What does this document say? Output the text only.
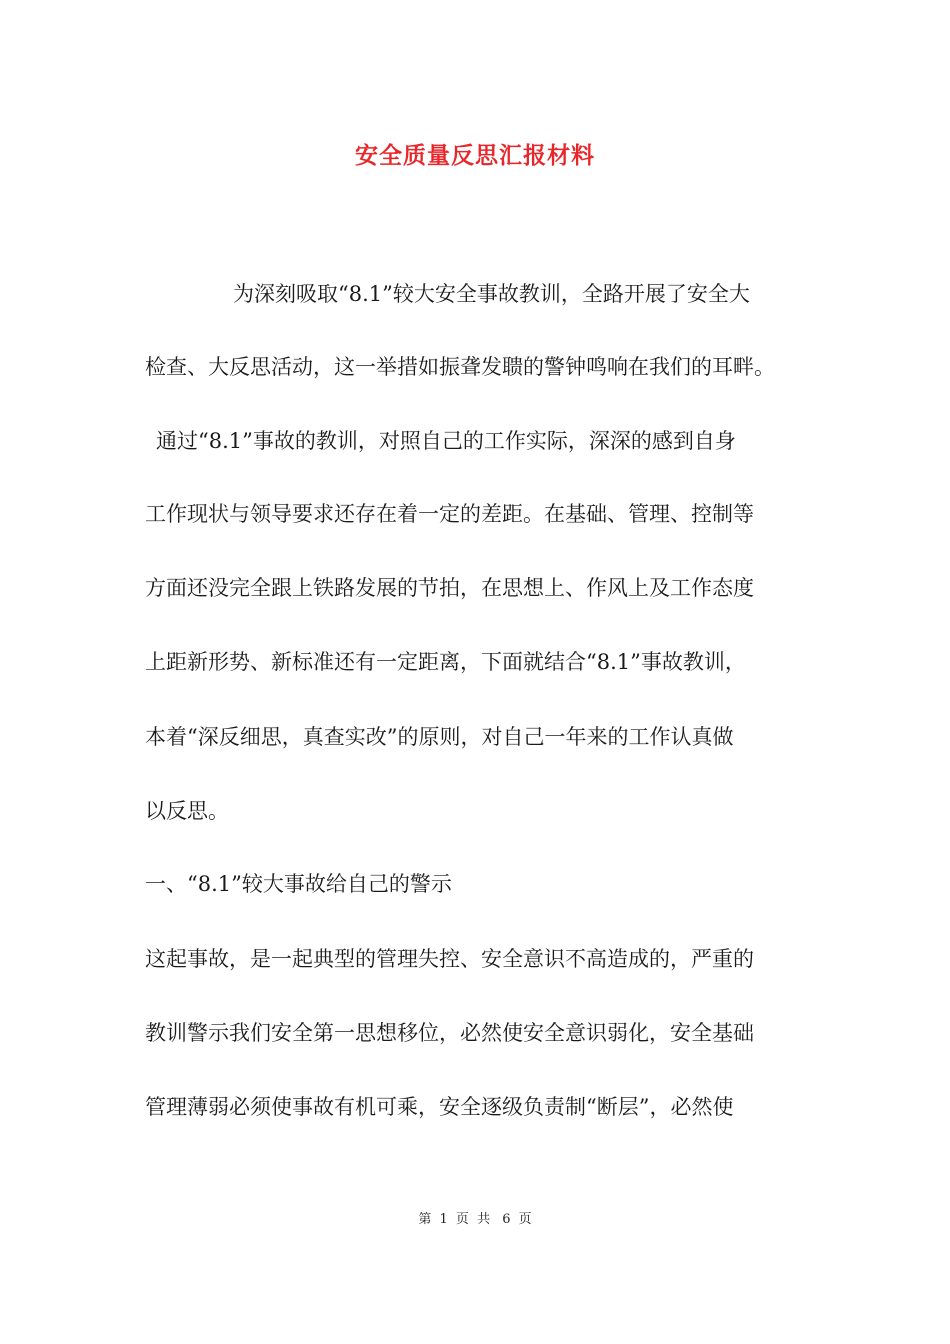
安全质量反思汇报材料

为深刻吸取“8.1”较大安全事故教训，全路开展了安全大

检查、大反思活动，这一举措如振聋发聩的警钟鸣响在我们的耳畔。

通过“8.1”事故的教训，对照自己的工作实际，深深的感到自身

工作现状与领导要求还存在着一定的差距。在基础、管理、控制等

方面还没完全跟上铁路发展的节拍，在思想上、作风上及工作态度

上距新形势、新标准还有一定距离，下面就结合“8.1”事故教训，

本着“深反细思，真查实改”的原则，对自己一年来的工作认真做

以反思。

一、“8.1”较大事故给自己的警示

这起事故，是一起典型的管理失控、安全意识不高造成的，严重的

教训警示我们安全第一思想移位，必然使安全意识弱化，安全基础

管理薄弱必须使事故有机可乘，安全逐级负责制“断层”，必然使

第 1 页 共 6 页
